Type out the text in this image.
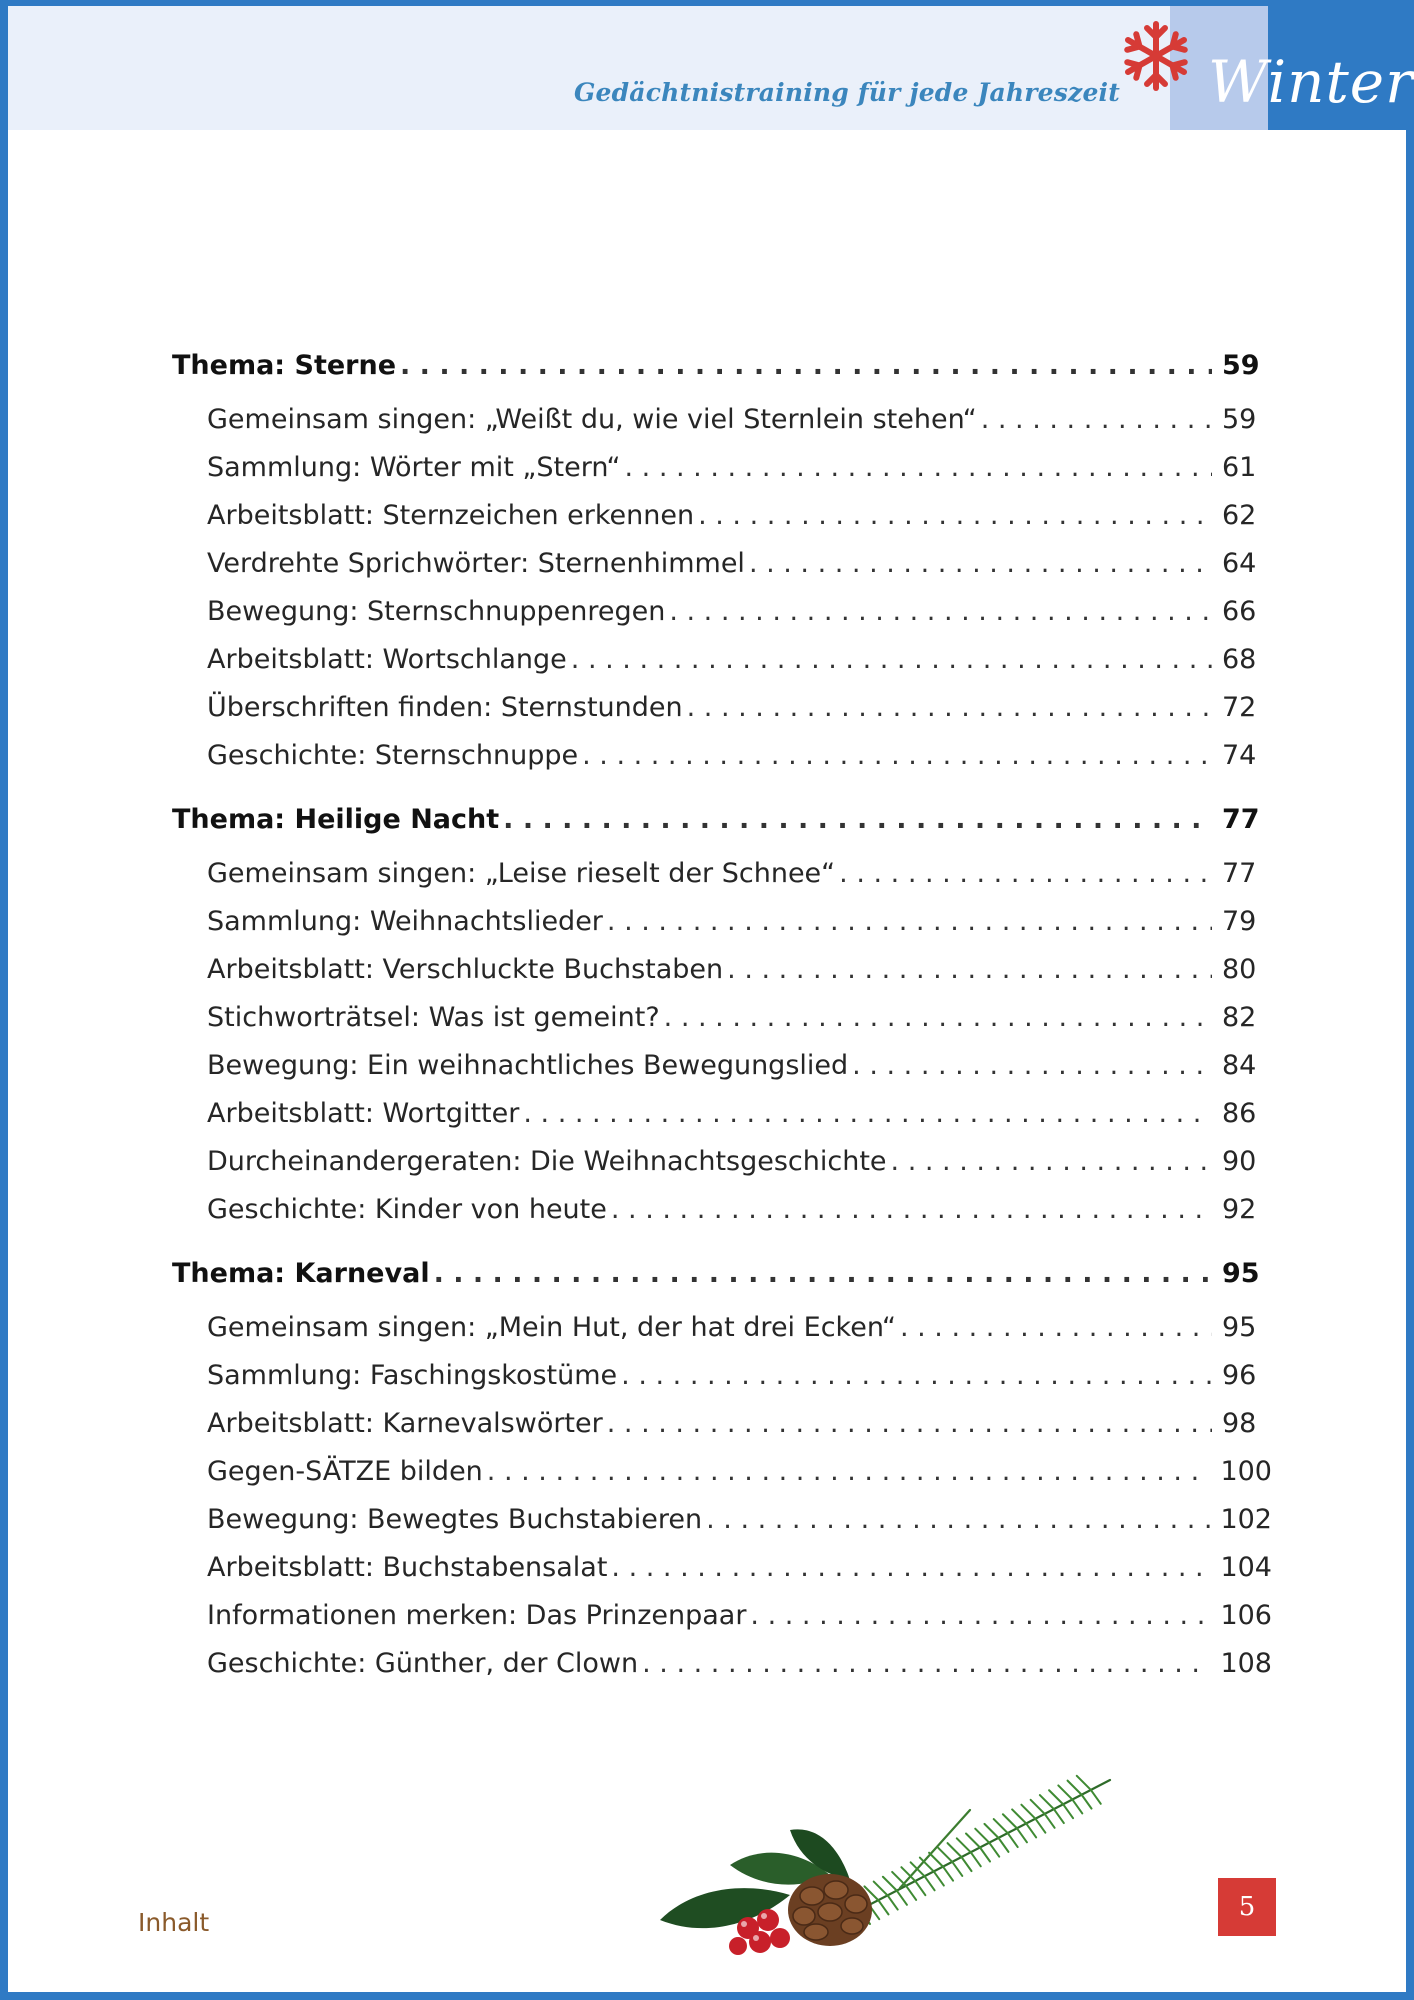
Gedächtnistraining für jede Jahreszeit Winter
Thema: Sterne . . .	59
Gemeinsam singen: „Weißt du, wie viel Sternlein stehen“ . . .	59
Sammlung: Wörter mit „Stern“ . . .	61
Arbeitsblatt: Sternzeichen erkennen . . .	62
Verdrehte Sprichwörter: Sternenhimmel . . .	64
Bewegung: Sternschnuppenregen . . .	66
Arbeitsblatt: Wortschlange . . .	68
Überschriften finden: Sternstunden . . .	72
Geschichte: Sternschnuppe . . .	74
Thema: Heilige Nacht . . .	77
Gemeinsam singen: „Leise rieselt der Schnee“ . . .	77
Sammlung: Weihnachtslieder . . .	79
Arbeitsblatt: Verschluckte Buchstaben . . .	80
Stichworträtsel: Was ist gemeint? . . .	82
Bewegung: Ein weihnachtliches Bewegungslied . . .	84
Arbeitsblatt: Wortgitter . . .	86
Durcheinandergeraten: Die Weihnachtsgeschichte . . .	90
Geschichte: Kinder von heute . . .	92
Thema: Karneval . . .	95
Gemeinsam singen: „Mein Hut, der hat drei Ecken“ . . .	95
Sammlung: Faschingskostüme . . .	96
Arbeitsblatt: Karnevalswörter . . .	98
Gegen-SÄTZE bilden . . .	100
Bewegung: Bewegtes Buchstabieren . . .	102
Arbeitsblatt: Buchstabensalat . . .	104
Informationen merken: Das Prinzenpaar . . .	106
Geschichte: Günther, der Clown . . .	108
Inhalt
5
